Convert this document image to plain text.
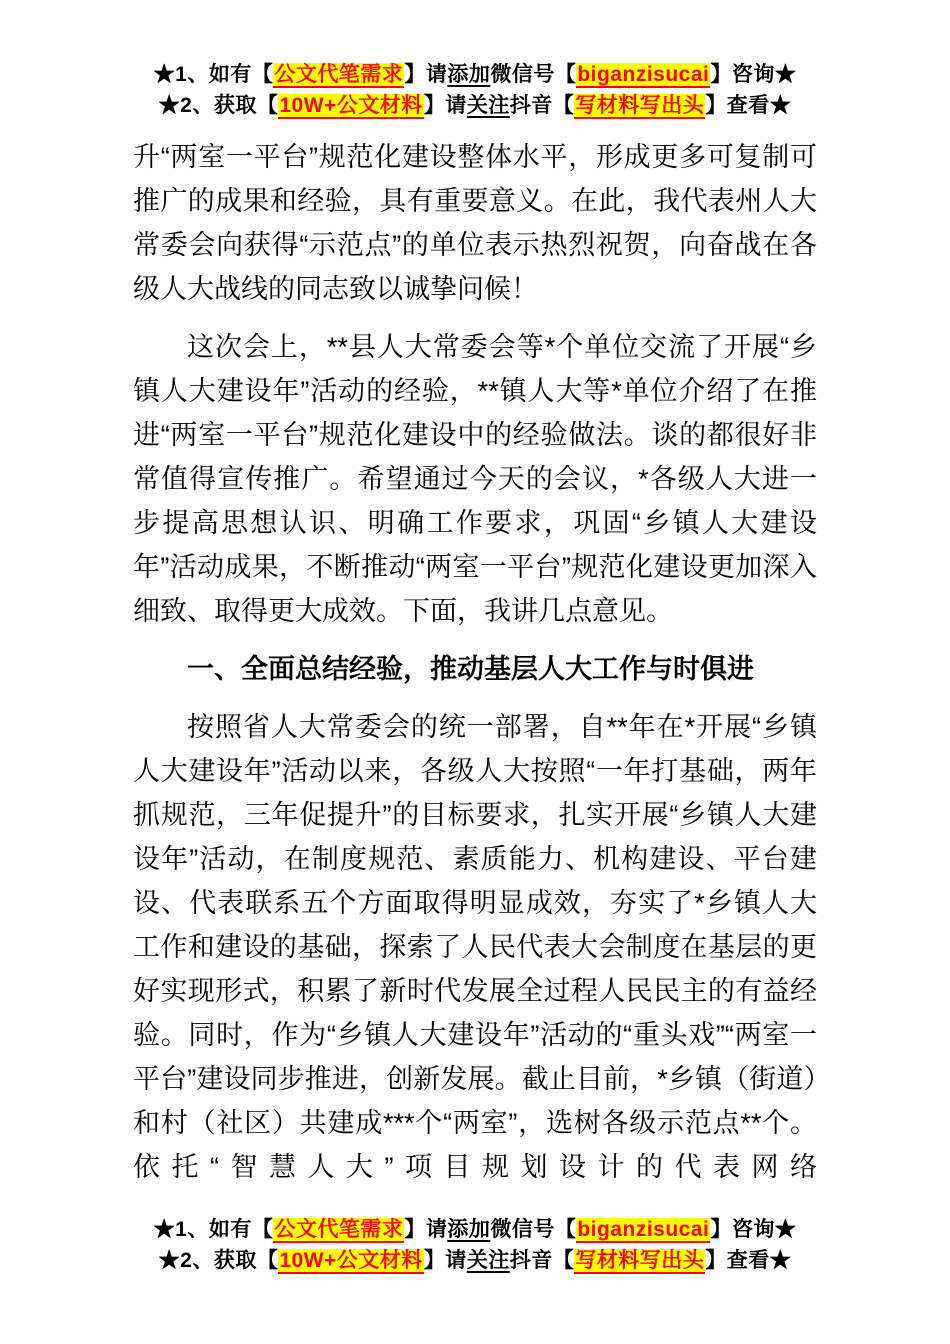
★1、如有【公文代笔需求】请添加微信号【biganzisucai】咨询★
★2、获取【10W+公文材料】请关注抖音【写材料写出头】查看★

升“两室一平台”规范化建设整体水平，形成更多可复制可推广的成果和经验，具有重要意义。在此，我代表州人大常委会向获得“示范点”的单位表示热烈祝贺，向奋战在各级人大战线的同志致以诚挚问候！

这次会上，**县人大常委会等*个单位交流了开展“乡镇人大建设年”活动的经验，**镇人大等*单位介绍了在推进“两室一平台”规范化建设中的经验做法。谈的都很好非常值得宣传推广。希望通过今天的会议，*各级人大进一步提高思想认识、明确工作要求，巩固“乡镇人大建设年”活动成果，不断推动“两室一平台”规范化建设更加深入细致、取得更大成效。下面，我讲几点意见。

一、全面总结经验，推动基层人大工作与时俱进

按照省人大常委会的统一部署，自**年在*开展“乡镇人大建设年”活动以来，各级人大按照“一年打基础，两年抓规范，三年促提升”的目标要求，扎实开展“乡镇人大建设年”活动，在制度规范、素质能力、机构建设、平台建设、代表联系五个方面取得明显成效，夯实了*乡镇人大工作和建设的基础，探索了人民代表大会制度在基层的更好实现形式，积累了新时代发展全过程人民民主的有益经验。同时，作为“乡镇人大建设年”活动的“重头戏”“两室一平台”建设同步推进，创新发展。截止目前，*乡镇（街道）和村（社区）共建成***个“两室”，选树各级示范点**个。依托“智慧人大”项目规划设计的代表网络

★1、如有【公文代笔需求】请添加微信号【biganzisucai】咨询★
★2、获取【10W+公文材料】请关注抖音【写材料写出头】查看★
